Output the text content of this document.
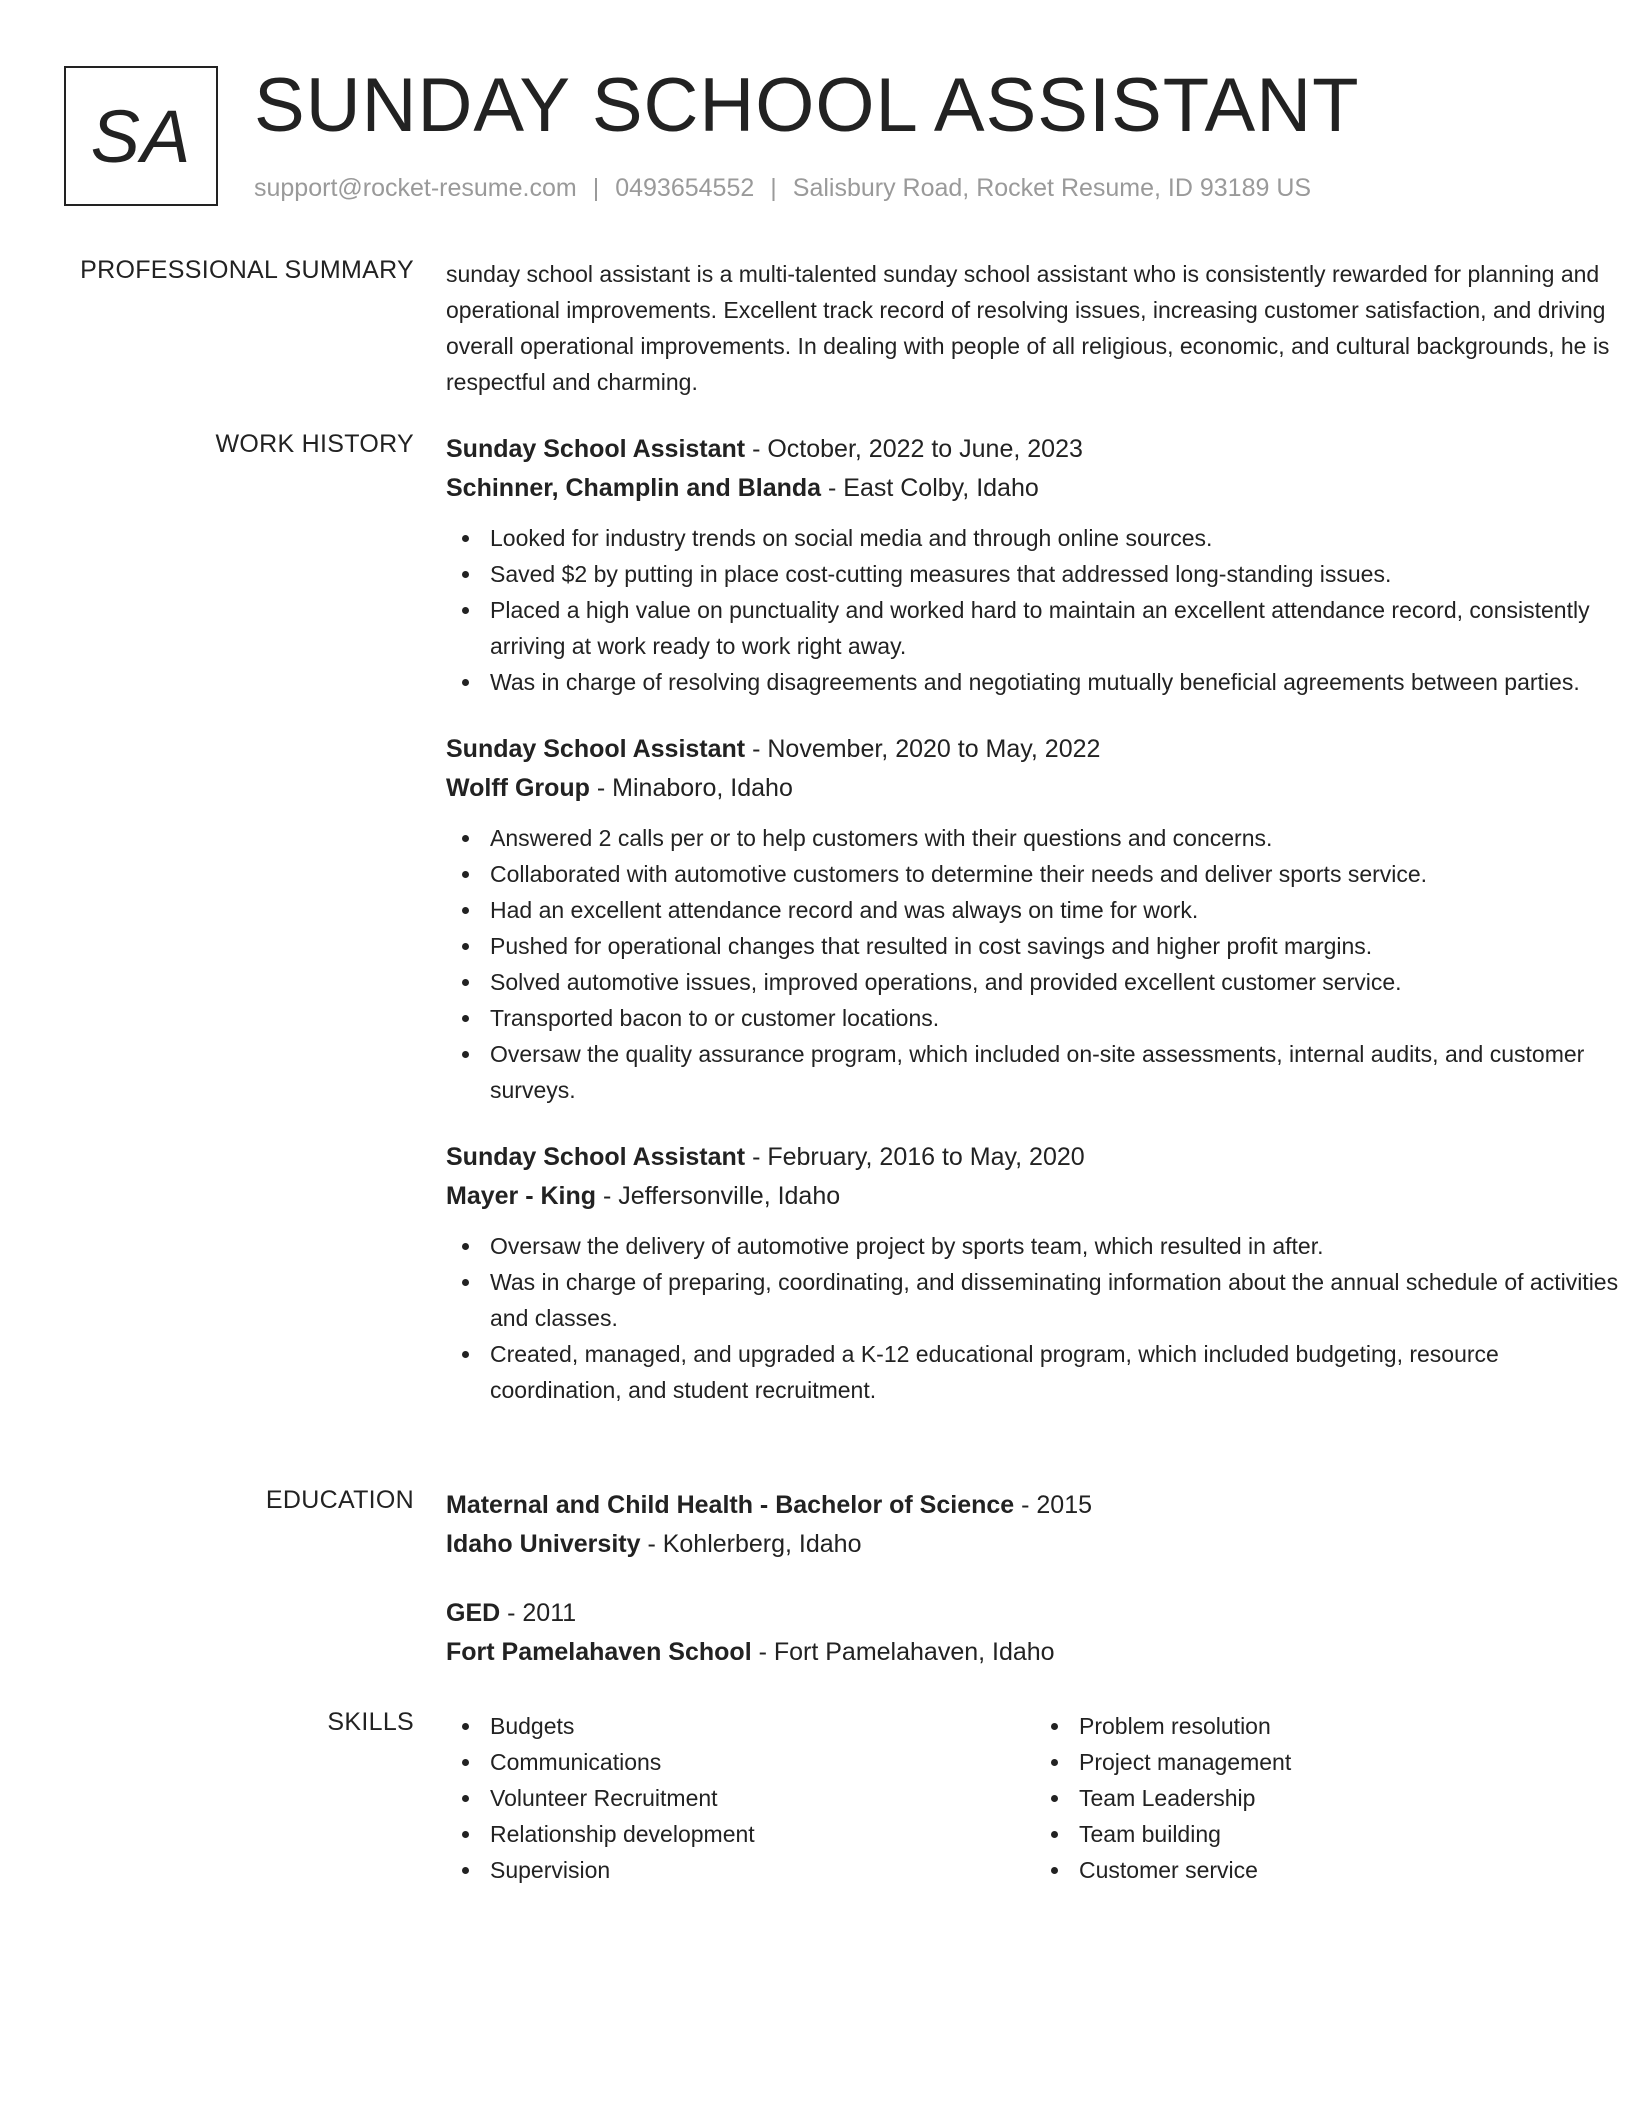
SA SUNDAY SCHOOL ASSISTANT
support@rocket-resume.com | 0493654552 | Salisbury Road, Rocket Resume, ID 93189 US
PROFESSIONAL SUMMARY sunday school assistant is a multi-talented sunday school assistant who is consistently rewarded for planning and operational improvements. Excellent track record of resolving issues, increasing customer satisfaction, and driving overall operational improvements. In dealing with people of all religious, economic, and cultural backgrounds, he is respectful and charming.
WORK HISTORY Sunday School Assistant - October, 2022 to June, 2023
Schinner, Champlin and Blanda - East Colby, Idaho
Looked for industry trends on social media and through online sources.
Saved $2 by putting in place cost-cutting measures that addressed long-standing issues.
Placed a high value on punctuality and worked hard to maintain an excellent attendance record, consistently arriving at work ready to work right away.
Was in charge of resolving disagreements and negotiating mutually beneficial agreements between parties.
Sunday School Assistant - November, 2020 to May, 2022
Wolff Group - Minaboro, Idaho
Answered 2 calls per or to help customers with their questions and concerns.
Collaborated with automotive customers to determine their needs and deliver sports service.
Had an excellent attendance record and was always on time for work.
Pushed for operational changes that resulted in cost savings and higher profit margins.
Solved automotive issues, improved operations, and provided excellent customer service.
Transported bacon to or customer locations.
Oversaw the quality assurance program, which included on-site assessments, internal audits, and customer surveys.
Sunday School Assistant - February, 2016 to May, 2020
Mayer - King - Jeffersonville, Idaho
Oversaw the delivery of automotive project by sports team, which resulted in after.
Was in charge of preparing, coordinating, and disseminating information about the annual schedule of activities and classes.
Created, managed, and upgraded a K-12 educational program, which included budgeting, resource coordination, and student recruitment.
EDUCATION Maternal and Child Health - Bachelor of Science - 2015
Idaho University - Kohlerberg, Idaho
GED - 2011
Fort Pamelahaven School - Fort Pamelahaven, Idaho
SKILLS	Budgets
Communications
Volunteer Recruitment
Relationship development
Supervision
Problem resolution
Project management
Team Leadership
Team building
Customer service
